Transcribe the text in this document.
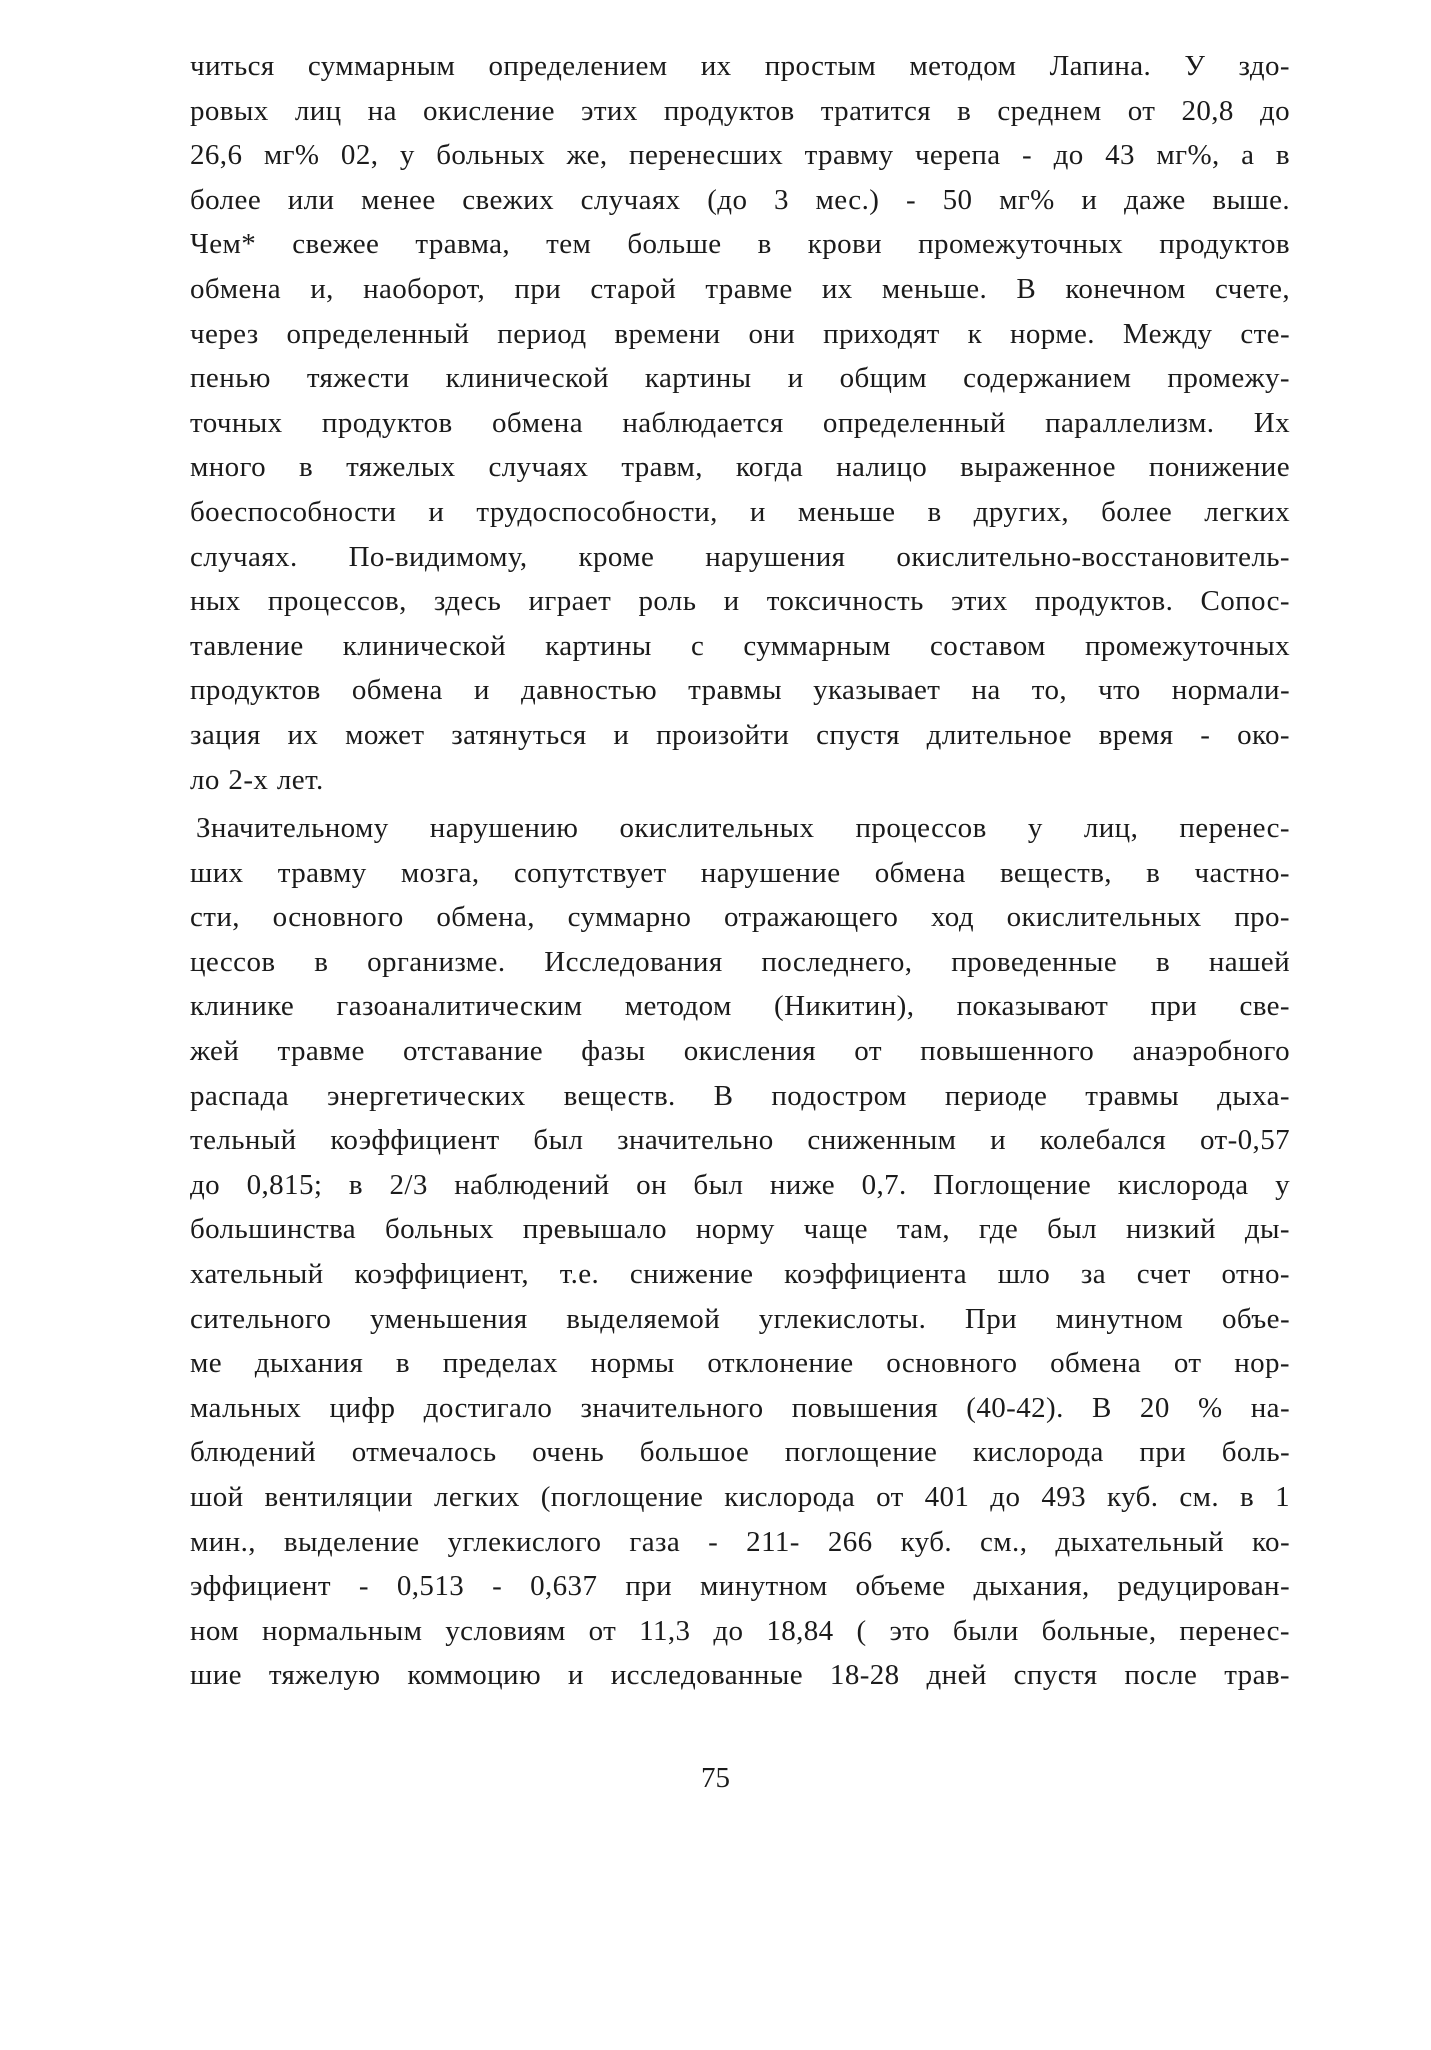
читься суммарным определением их простым методом Лапина. У здо-
ровых лиц на окисление этих продуктов тратится в среднем от 20,8 до
26,6 мг% 02, у больных же, перенесших травму черепа - до 43 мг%, а в
более или менее свежих случаях (до 3 мес.) - 50 мг% и даже выше.
Чем* свежее травма, тем больше в крови промежуточных продуктов
обмена и, наоборот, при старой травме их меньше. В конечном счете,
через определенный период времени они приходят к норме. Между сте-
пенью тяжести клинической картины и общим содержанием промежу-
точных продуктов обмена наблюдается определенный параллелизм. Их
много в тяжелых случаях травм, когда налицо выраженное понижение
боеспособности и трудоспособности, и меньше в других, более легких
случаях. По-видимому, кроме нарушения окислительно-восстановитель-
ных процессов, здесь играет роль и токсичность этих продуктов. Сопос-
тавление клинической картины с суммарным составом промежуточных
продуктов обмена и давностью травмы указывает на то, что нормали-
зация их может затянуться и произойти спустя длительное время - око-
ло 2-х лет.
Значительному нарушению окислительных процессов у лиц, перенес-
ших травму мозга, сопутствует нарушение обмена веществ, в частно-
сти, основного обмена, суммарно отражающего ход окислительных про-
цессов в организме. Исследования последнего, проведенные в нашей
клинике газоаналитическим методом (Никитин), показывают при све-
жей травме отставание фазы окисления от повышенного анаэробного
распада энергетических веществ. В подостром периоде травмы дыха-
тельный коэффициент был значительно сниженным и колебался от-0,57
до 0,815; в 2/3 наблюдений он был ниже 0,7. Поглощение кислорода у
большинства больных превышало норму чаще там, где был низкий ды-
хательный коэффициент, т.е. снижение коэффициента шло за счет отно-
сительного уменьшения выделяемой углекислоты. При минутном объе-
ме дыхания в пределах нормы отклонение основного обмена от нор-
мальных цифр достигало значительного повышения (40-42). В 20 % на-
блюдений отмечалось очень большое поглощение кислорода при боль-
шой вентиляции легких (поглощение кислорода от 401 до 493 куб. см. в 1
мин., выделение углекислого газа - 211- 266 куб. см., дыхательный ко-
эффициент - 0,513 - 0,637 при минутном объеме дыхания, редуцирован-
ном нормальным условиям от 11,3 до 18,84 ( это были больные, перенес-
шие тяжелую коммоцию и исследованные 18-28 дней спустя после трав-
75
